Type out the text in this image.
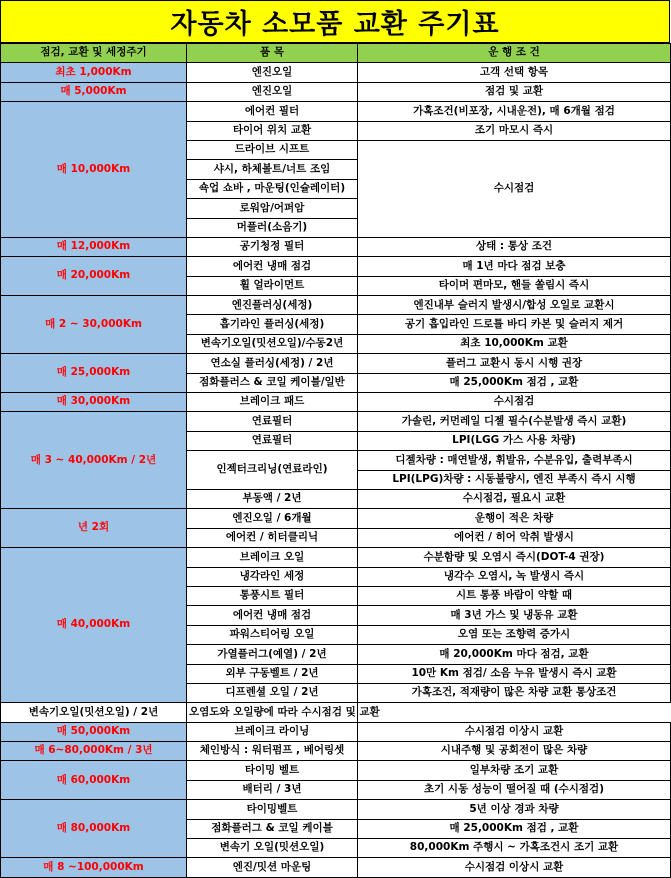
자동차 소모품 교환 주기표
점검, 교환 및 세정주기	품 목	운 행 조 건
최초 1,000Km	엔진오일	고객 선택 항목
매 5,000Km	엔진오일	점검 및 교환
매 10,000Km	에어컨 필터	가혹조건(비포장, 시내운전), 매 6개월 점검
	타이어 위치 교환	조기 마모시 즉시
	드라이브 시프트	수시점검
	샤시, 하체볼트/너트 조임	
	쇽업 쇼바 , 마운팅(인슐레이터)	
	로워암/어퍼암	
	머플러(소음기)	
매 12,000Km	공기청정 필터	상태 : 통상 조건
매 20,000Km	에어컨 냉매 점검	매 1년 마다 점검 보충
	휠 얼라이먼트	타이머 편마모, 핸들 쏠림시 즉시
매 2 ~ 30,000Km	엔진플러싱(세정)	엔진내부 슬러지 발생시/합성 오일로 교환시
	흡기라인 플러싱(세정)	공기 흡입라인 드로틀 바디 카본 및 슬러지 제거
	변속기오일(밋션오일)/수동2년	최초 10,000Km 교환
매 25,000Km	연소실 플러싱(세정) / 2년	플러그 교환시 동시 시행 권장
	점화플러스 & 코일 케이블/일반	매 25,000Km 점검 , 교환
매 30,000Km	브레이크 패드	수시점검
매 3 ~ 40,000Km / 2년	연료필터	가솔린, 커먼레일 디젤 필수(수분발생 즉시 교환)
	연료필터	LPI(LGG 가스 사용 차량)
	인젝터크리닝(연료라인)	디젤차량 : 매연발생, 휘발유, 수분유입, 출력부족시
		LPI(LPG)차량 : 시동불량시, 엔진 부족시 즉시 시행
	부동액 / 2년	수시점검, 필요시 교환
년 2회	엔진오일 / 6개월	운행이 적은 차량
	에어컨 / 히터클리닉	에어컨 / 히어 악취 발생시
매 40,000Km	브레이크 오일	수분함량 및 오염시 즉시(DOT-4 권장)
	냉각라인 세정	냉각수 오염시, 녹 발생시 즉시
	통풍시트 필터	시트 통풍 바람이 약할 때
	에어컨 냉매 점검	매 3년 가스 및 냉동유 교환
	파워스티어링 오일	오염 또는 조향력 증가시
	가열플러그(예열) / 2년	매 20,000Km 마다 점검, 교환
	외부 구동벨트 / 2년	10만 Km 점검/ 소음 누유 발생시 즉시 교환
	디프렌셜 오일 / 2년	가혹조건, 적재량이 많은 차량 교환 통상조건
변속기오일(밋션오일) / 2년	오염도와 오일량에 따라 수시점검 및 교환	
매 50,000Km	브레이크 라이닝	수시점검 이상시 교환
매 6~80,000Km / 3년	체인방식 : 워터펌프 , 베어링셋	시내주행 및 공회전이 많은 차량
매 60,000Km	타이밍 벨트	일부차량 조기 교환
	배터리 / 3년	초기 시동 성능이 떨어질 때 (수시점검)
매 80,000Km	타이밍벨트	5년 이상 경과 차량
	점화플러그 & 코일 케이블	매 25,000Km 점검 , 교환
	변속기 오일(밋션오일)	80,000Km 주행시 ~ 가혹조건시 조기 교환
매 8 ~100,000Km	엔진/밋션 마운팅	수시점검 이상시 교환
